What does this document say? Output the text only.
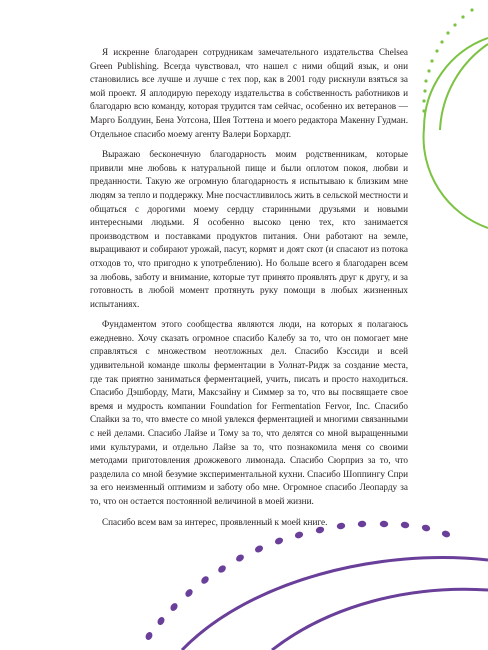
Я искренне благодарен сотрудникам замечательного издательства Chelsea Green Publishing. Всегда чувствовал, что нашел с ними общий язык, и они становились все лучше и лучше с тех пор, как в 2001 году рискнули взяться за мой проект. Я аплодирую переходу издательства в собственность работников и благодарю всю команду, которая трудится там сейчас, особенно их ветеранов — Марго Болдуин, Бена Уотсона, Шея Тоттена и моего редактора Макенну Гудман. Отдельное спасибо моему агенту Валери Борхардт.

Выражаю бесконечную благодарность моим родственникам, которые привили мне любовь к натуральной пище и были оплотом покоя, любви и преданности. Такую же огромную благодарность я испытываю к близким мне людям за тепло и поддержку. Мне посчастливилось жить в сельской местности и общаться с дорогими моему сердцу старинными друзьями и новыми интересными людьми. Я особенно высоко ценю тех, кто занимается производством и поставками продуктов питания. Они работают на земле, выращивают и собирают урожай, пасут, кормят и доят скот (и спасают из потока отходов то, что пригодно к употреблению). Но больше всего я благодарен всем за любовь, заботу и внимание, которые тут принято проявлять друг к другу, и за готовность в любой момент протянуть руку помощи в любых жизненных испытаниях.

Фундаментом этого сообщества являются люди, на которых я полагаюсь ежедневно. Хочу сказать огромное спасибо Калебу за то, что он помогает мне справляться с множеством неотложных дел. Спасибо Кэссиди и всей удивительной команде школы ферментации в Уолнат-Ридж за создание места, где так приятно заниматься ферментацией, учить, писать и просто находиться. Спасибо Дэшборду, Мати, Максзайну и Симмер за то, что вы посвящаете свое время и мудрость компании Foundation for Fermentation Fervor, Inc. Спасибо Спайки за то, что вместе со мной увлекся ферментацией и многими связанными с ней делами. Спасибо Лайзе и Тому за то, что делятся со мной выращенными ими культурами, и отдельно Лайзе за то, что познакомила меня со своими методами приготовления дрожжевого лимонада. Спасибо Сюрприз за то, что разделила со мной безумие экспериментальной кухни. Спасибо Шоппингу Спри за его неизменный оптимизм и заботу обо мне. Огромное спасибо Леопарду за то, что он остается постоянной величиной в моей жизни.

Спасибо всем вам за интерес, проявленный к моей книге.
